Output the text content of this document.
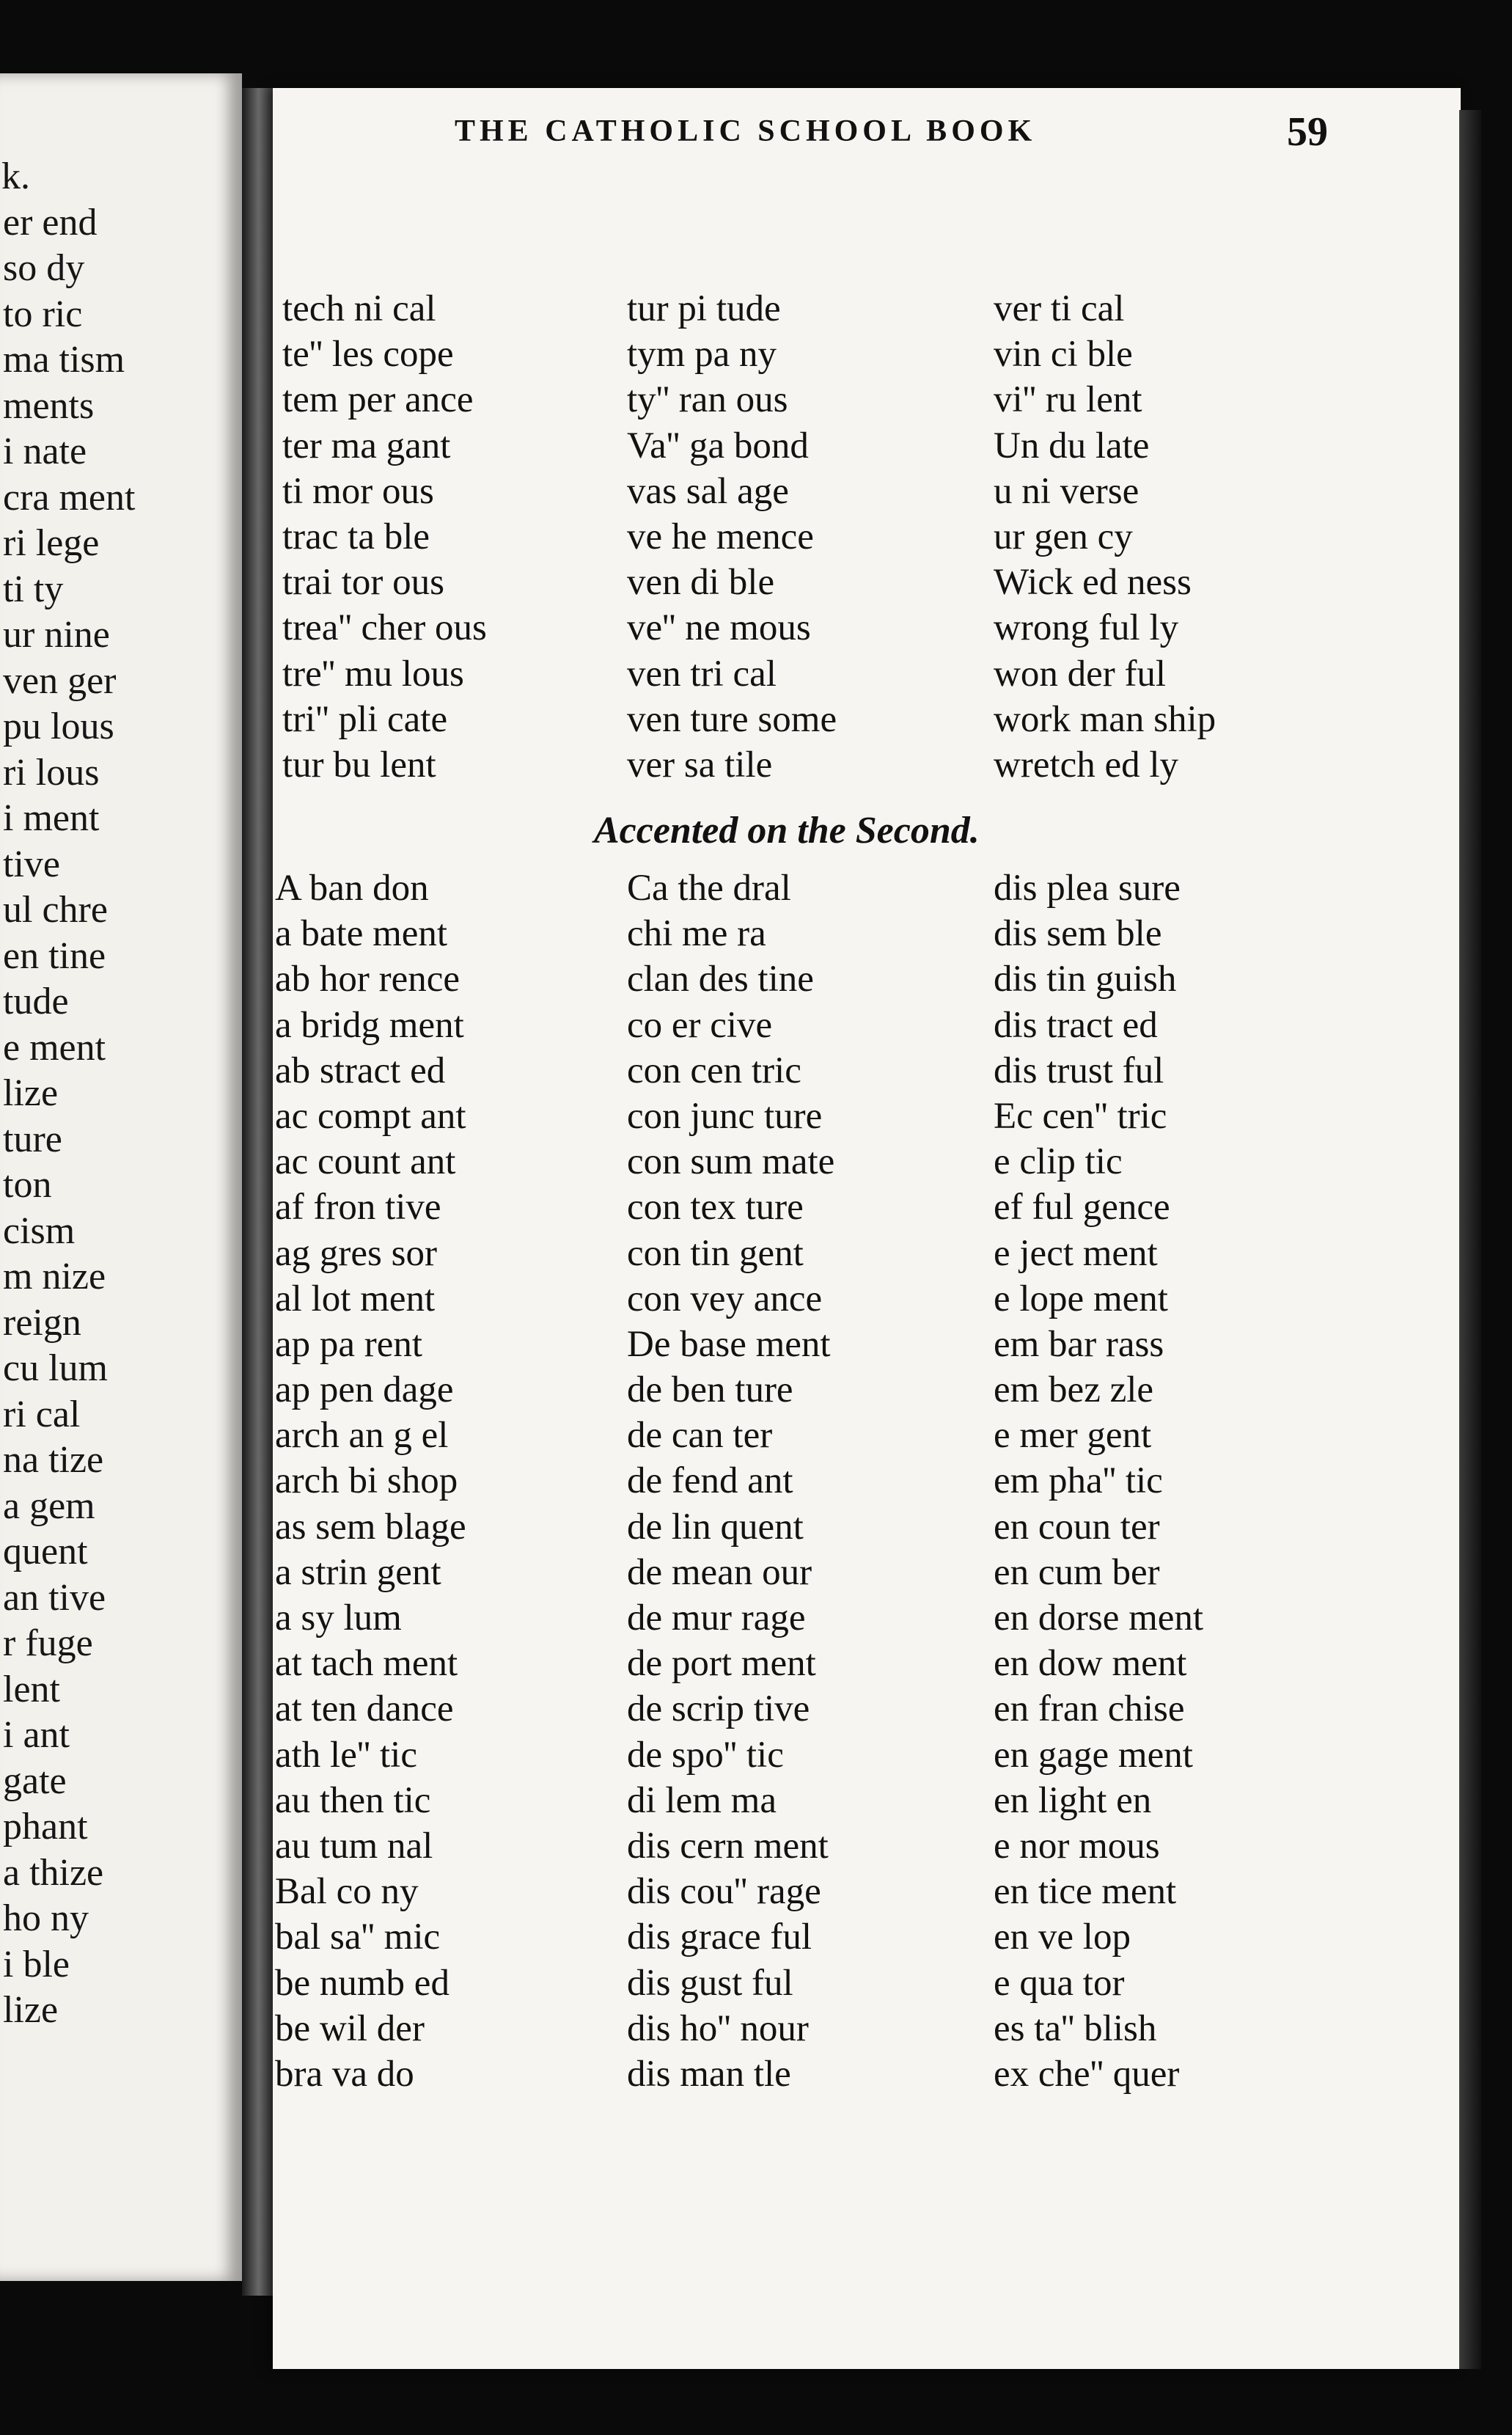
k.
er end
so dy
to ric
ma tism
ments
i nate
cra ment
ri lege
ti ty
ur nine
ven ger
pu lous
ri lous
i ment
tive
ul chre
en tine
tude
e ment
lize
ture
ton
cism
m nize
reign
cu lum
ri cal
na tize
a gem
quent
an tive
r fuge
lent
i ant
gate
phant
a thize
ho ny
i ble
lize
THE CATHOLIC SCHOOL BOOK	59
tech ni cal
te'' les cope
tem per ance
ter ma gant
ti mor ous
trac ta ble
trai tor ous
trea'' cher ous
tre'' mu lous
tri'' pli cate
tur bu lent
tur pi tude
tym pa ny
ty'' ran ous
Va'' ga bond
vas sal age
ve he mence
ven di ble
ve'' ne mous
ven tri cal
ven ture some
ver sa tile
ver ti cal
vin ci ble
vi'' ru lent
Un du late
u ni verse
ur gen cy
Wick ed ness
wrong ful ly
won der ful
work man ship
wretch ed ly
Accented on the Second.
A ban don
a bate ment
ab hor rence
a bridg ment
ab stract ed
ac compt ant
ac count ant
af fron tive
ag gres sor
al lot ment
ap pa rent
ap pen dage
arch an g el
arch bi shop
as sem blage
a strin gent
a sy lum
at tach ment
at ten dance
ath le'' tic
au then tic
au tum nal
Bal co ny
bal sa'' mic
be numb ed
be wil der
bra va do
Ca the dral
chi me ra
clan des tine
co er cive
con cen tric
con junc ture
con sum mate
con tex ture
con tin gent
con vey ance
De base ment
de ben ture
de can ter
de fend ant
de lin quent
de mean our
de mur rage
de port ment
de scrip tive
de spo'' tic
di lem ma
dis cern ment
dis cou'' rage
dis grace ful
dis gust ful
dis ho'' nour
dis man tle
dis plea sure
dis sem ble
dis tin guish
dis tract ed
dis trust ful
Ec cen'' tric
e clip tic
ef ful gence
e ject ment
e lope ment
em bar rass
em bez zle
e mer gent
em pha'' tic
en coun ter
en cum ber
en dorse ment
en dow ment
en fran chise
en gage ment
en light en
e nor mous
en tice ment
en ve lop
e qua tor
es ta'' blish
ex che'' quer
